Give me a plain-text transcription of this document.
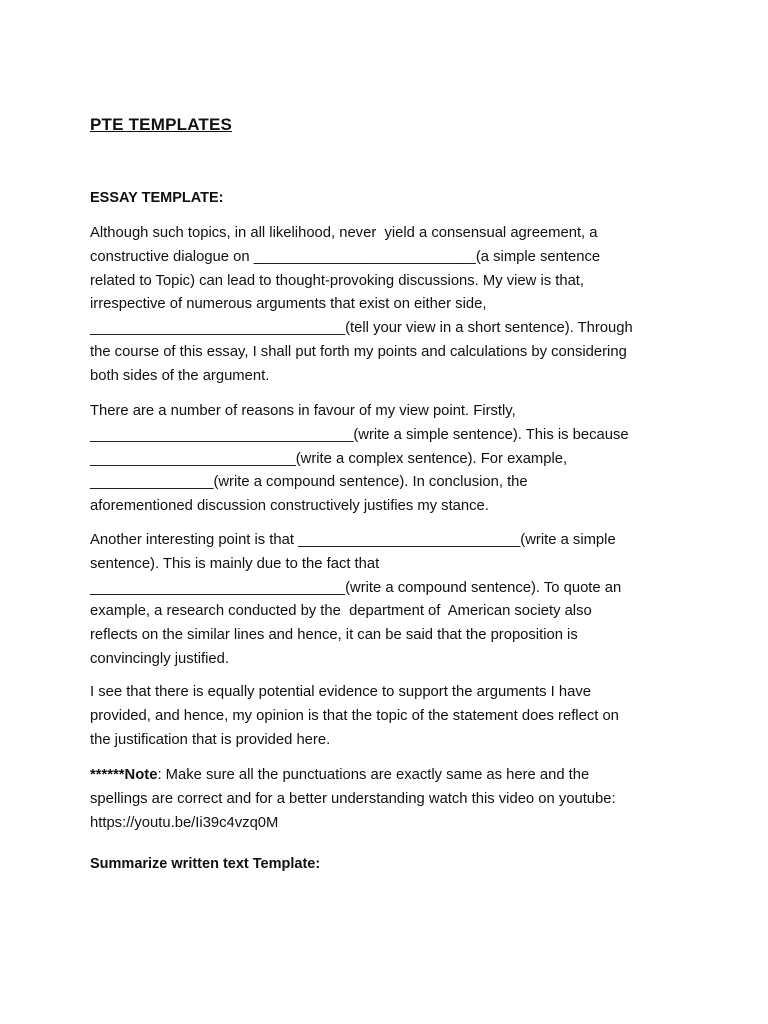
PTE TEMPLATES
ESSAY TEMPLATE:
Although such topics, in all likelihood, never  yield a consensual agreement, a
constructive dialogue on ___________________________(a simple sentence
related to Topic) can lead to thought-provoking discussions. My view is that,
irrespective of numerous arguments that exist on either side,
_______________________________(tell your view in a short sentence). Through
the course of this essay, I shall put forth my points and calculations by considering
both sides of the argument.
There are a number of reasons in favour of my view point. Firstly,
________________________________(write a simple sentence). This is because
_________________________(write a complex sentence). For example,
_______________(write a compound sentence). In conclusion, the
aforementioned discussion constructively justifies my stance.
Another interesting point is that ___________________________(write a simple
sentence). This is mainly due to the fact that
_______________________________(write a compound sentence). To quote an
example, a research conducted by the  department of  American society also
reflects on the similar lines and hence, it can be said that the proposition is
convincingly justified.
I see that there is equally potential evidence to support the arguments I have
provided, and hence, my opinion is that the topic of the statement does reflect on
the justification that is provided here.
******Note: Make sure all the punctuations are exactly same as here and the
spellings are correct and for a better understanding watch this video on youtube:
https://youtu.be/Ii39c4vzq0M
Summarize written text Template:
